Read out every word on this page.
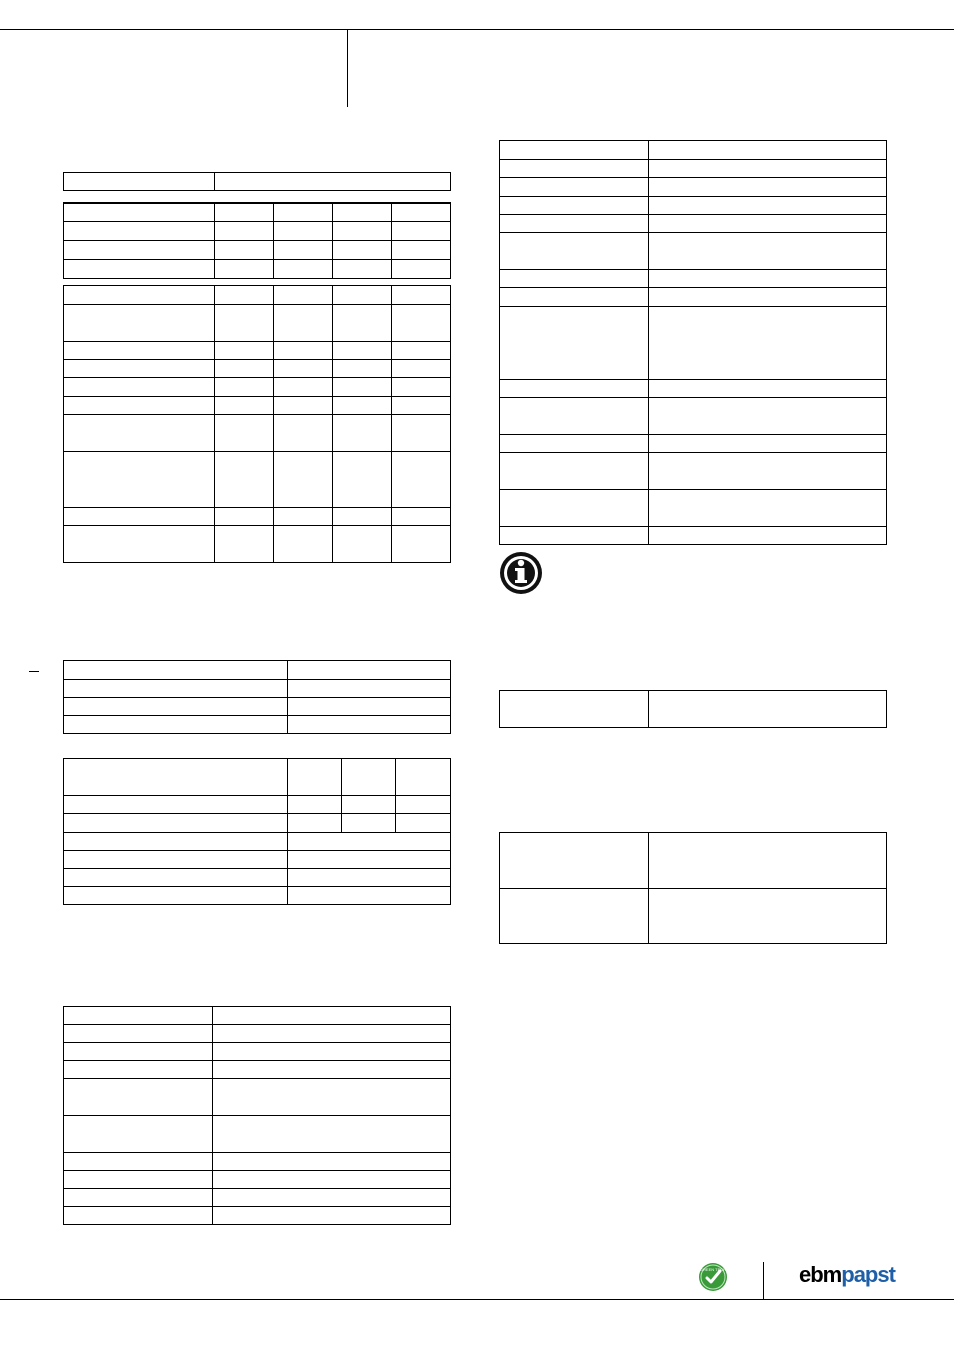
GREEN TECH	ebmpapst
